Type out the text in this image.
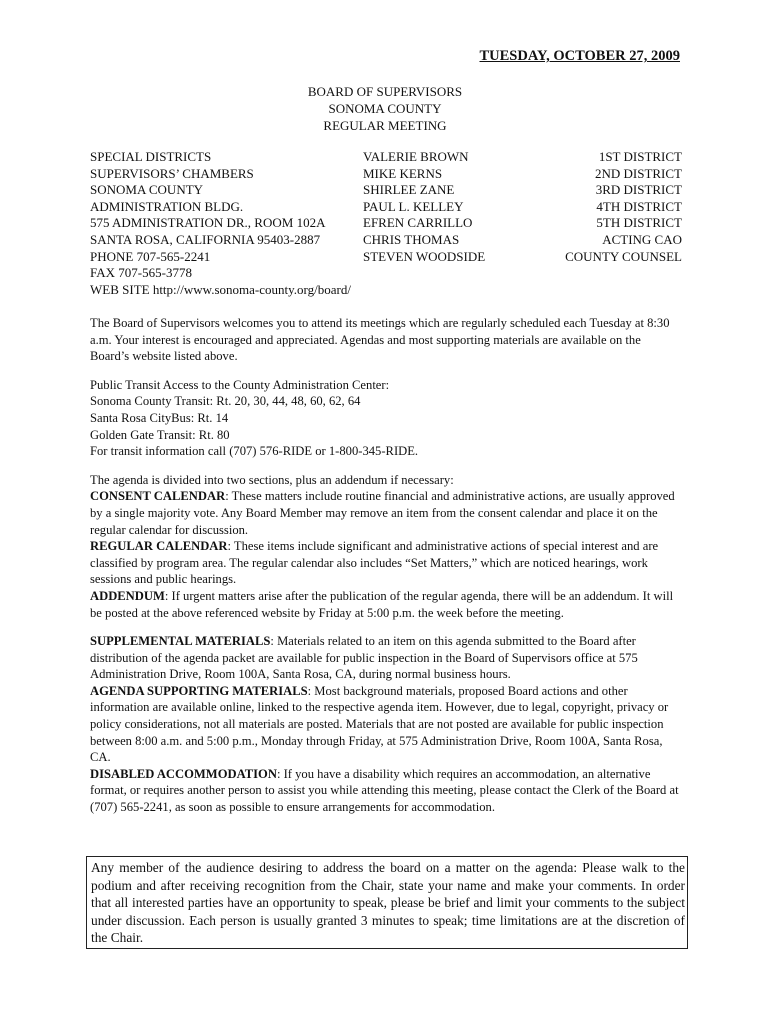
TUESDAY, OCTOBER 27, 2009
BOARD OF SUPERVISORS
SONOMA COUNTY
REGULAR MEETING
SPECIAL DISTRICTS
SUPERVISORS’ CHAMBERS
SONOMA COUNTY
ADMINISTRATION BLDG.
575 ADMINISTRATION DR., ROOM 102A
SANTA ROSA, CALIFORNIA 95403-2887
PHONE 707-565-2241
FAX 707-565-3778
WEB SITE http://www.sonoma-county.org/board/
VALERIE BROWN
MIKE KERNS
SHIRLEE ZANE
PAUL L. KELLEY
EFREN CARRILLO
CHRIS THOMAS
STEVEN WOODSIDE
1ST DISTRICT
2ND DISTRICT
3RD DISTRICT
4TH DISTRICT
5TH DISTRICT
ACTING CAO
COUNTY COUNSEL

The Board of Supervisors welcomes you to attend its meetings which are regularly scheduled each Tuesday at 8:30 a.m. Your interest is encouraged and appreciated. Agendas and most supporting materials are available on the Board’s website listed above.

Public Transit Access to the County Administration Center:
Sonoma County Transit: Rt. 20, 30, 44, 48, 60, 62, 64
Santa Rosa CityBus: Rt. 14
Golden Gate Transit: Rt. 80
For transit information call (707) 576-RIDE or 1-800-345-RIDE.

The agenda is divided into two sections, plus an addendum if necessary:

CONSENT CALENDAR: These matters include routine financial and administrative actions, are usually approved by a single majority vote. Any Board Member may remove an item from the consent calendar and place it on the regular calendar for discussion.

REGULAR CALENDAR: These items include significant and administrative actions of special interest and are classified by program area. The regular calendar also includes “Set Matters,” which are noticed hearings, work sessions and public hearings.

ADDENDUM: If urgent matters arise after the publication of the regular agenda, there will be an addendum. It will be posted at the above referenced website by Friday at 5:00 p.m. the week before the meeting.

SUPPLEMENTAL MATERIALS: Materials related to an item on this agenda submitted to the Board after distribution of the agenda packet are available for public inspection in the Board of Supervisors office at 575 Administration Drive, Room 100A, Santa Rosa, CA, during normal business hours.

AGENDA SUPPORTING MATERIALS: Most background materials, proposed Board actions and other information are available online, linked to the respective agenda item. However, due to legal, copyright, privacy or policy considerations, not all materials are posted. Materials that are not posted are available for public inspection between 8:00 a.m. and 5:00 p.m., Monday through Friday, at 575 Administration Drive, Room 100A, Santa Rosa, CA.

DISABLED ACCOMMODATION: If you have a disability which requires an accommodation, an alternative format, or requires another person to assist you while attending this meeting, please contact the Clerk of the Board at (707) 565-2241, as soon as possible to ensure arrangements for accommodation.

Any member of the audience desiring to address the board on a matter on the agenda: Please walk to the podium and after receiving recognition from the Chair, state your name and make your comments. In order that all interested parties have an opportunity to speak, please be brief and limit your comments to the subject under discussion. Each person is usually granted 3 minutes to speak; time limitations are at the discretion of the Chair.
